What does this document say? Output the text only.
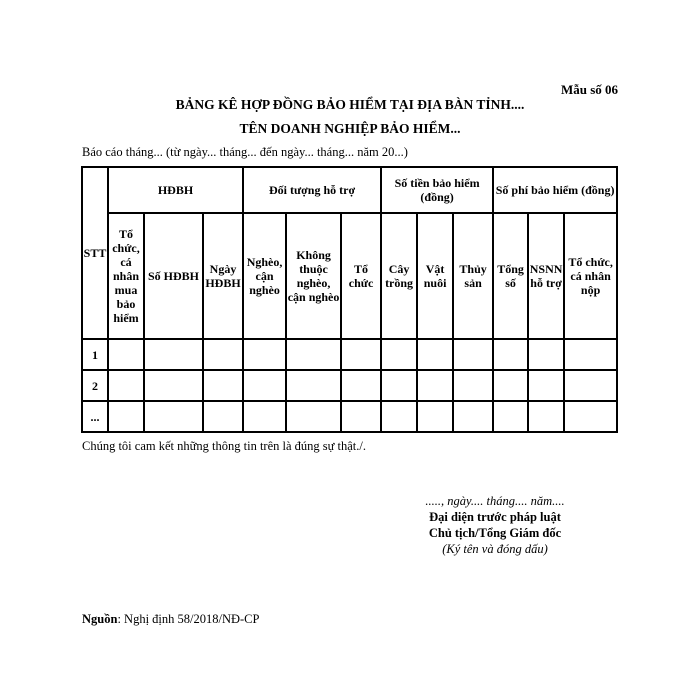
Mẫu số 06
BẢNG KÊ HỢP ĐỒNG BẢO HIỂM TẠI ĐỊA BÀN TỈNH....
TÊN DOANH NGHIỆP BẢO HIỂM...
Báo cáo tháng... (từ ngày... tháng... đến ngày... tháng... năm 20...)
STT	HĐBH			Đối tượng hỗ trợ			Số tiền bảo hiểm (đồng)			Số phí bảo hiểm (đồng)		
	Tổ chức, cá nhân mua bảo hiểm	Số HĐBH	Ngày HĐBH	Nghèo, cận nghèo	Không thuộc nghèo, cận nghèo	Tổ chức	Cây trồng	Vật nuôi	Thủy sản	Tổng số	NSNN hỗ trợ	Tổ chức, cá nhân nộp
1												
2												
...												
Chúng tôi cam kết những thông tin trên là đúng sự thật./.
....., ngày.... tháng.... năm....
Đại diện trước pháp luật
Chủ tịch/Tổng Giám đốc
(Ký tên và đóng dấu)
Nguồn: Nghị định 58/2018/NĐ-CP
